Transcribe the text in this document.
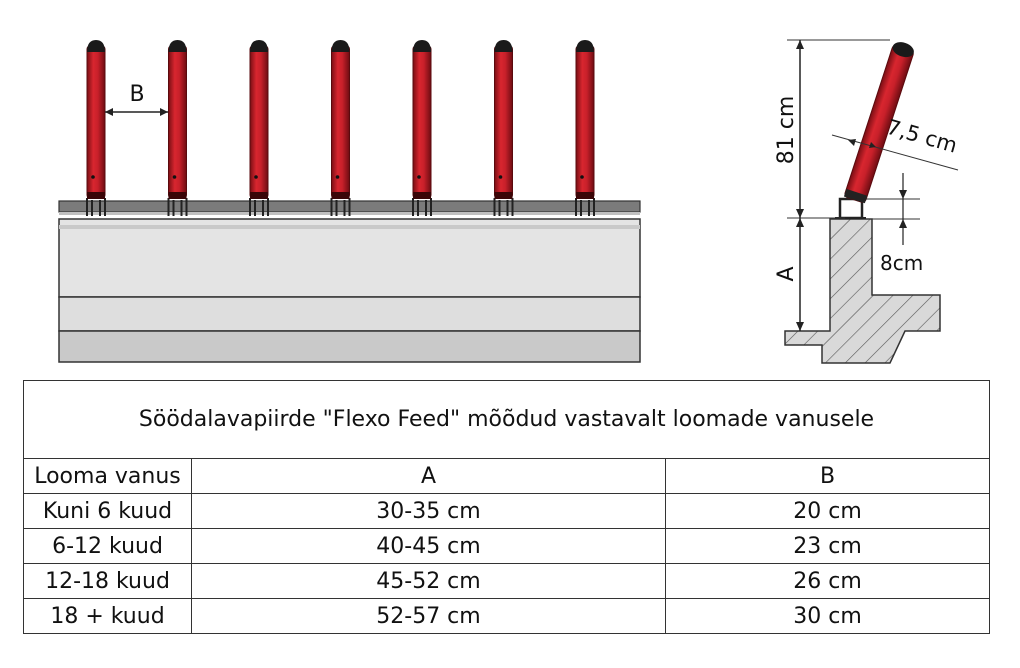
B
81 cm	7,5 cm
8cm
A
Söödalavapiirde "Flexo Feed" mõõdud vastavalt loomade vanusele		
Looma vanus	A	B
Kuni 6 kuud	30-35 cm	20 cm
6-12 kuud	40-45 cm	23 cm
12-18 kuud	45-52 cm	26 cm
18 + kuud	52-57 cm	30 cm
